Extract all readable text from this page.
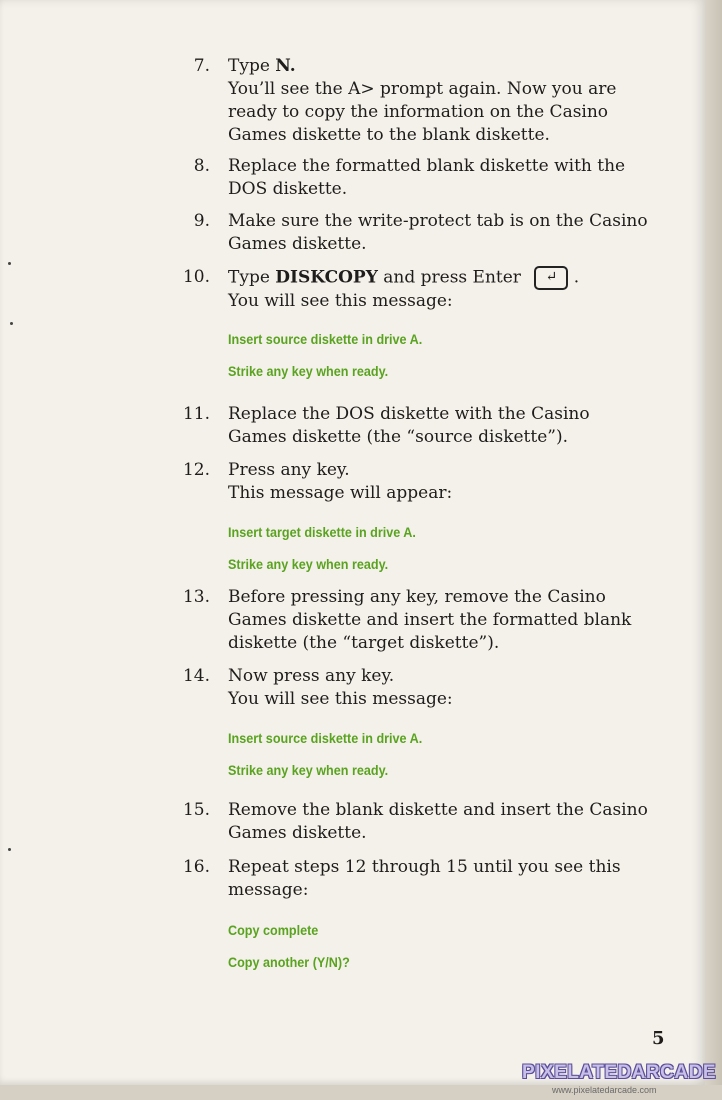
7. Type N.
You’ll see the A> prompt again. Now you are ready to copy the information on the Casino Games diskette to the blank diskette.
8. Replace the formatted blank diskette with the DOS diskette.
9. Make sure the write-protect tab is on the Casino Games diskette.
10. Type DISKCOPY and press Enter ↵ .
You will see this message:
Insert source diskette in drive A.
Strike any key when ready.
11. Replace the DOS diskette with the Casino Games diskette (the “source diskette”).
12. Press any key.
This message will appear:
Insert target diskette in drive A.
Strike any key when ready.
13. Before pressing any key, remove the Casino Games diskette and insert the formatted blank diskette (the “target diskette”).
14. Now press any key.
You will see this message:
Insert source diskette in drive A.
Strike any key when ready.
15. Remove the blank diskette and insert the Casino Games diskette.
16. Repeat steps 12 through 15 until you see this message:
Copy complete
Copy another (Y/N)?
5
PIXELATEDARCADE
www.pixelatedarcade.com
